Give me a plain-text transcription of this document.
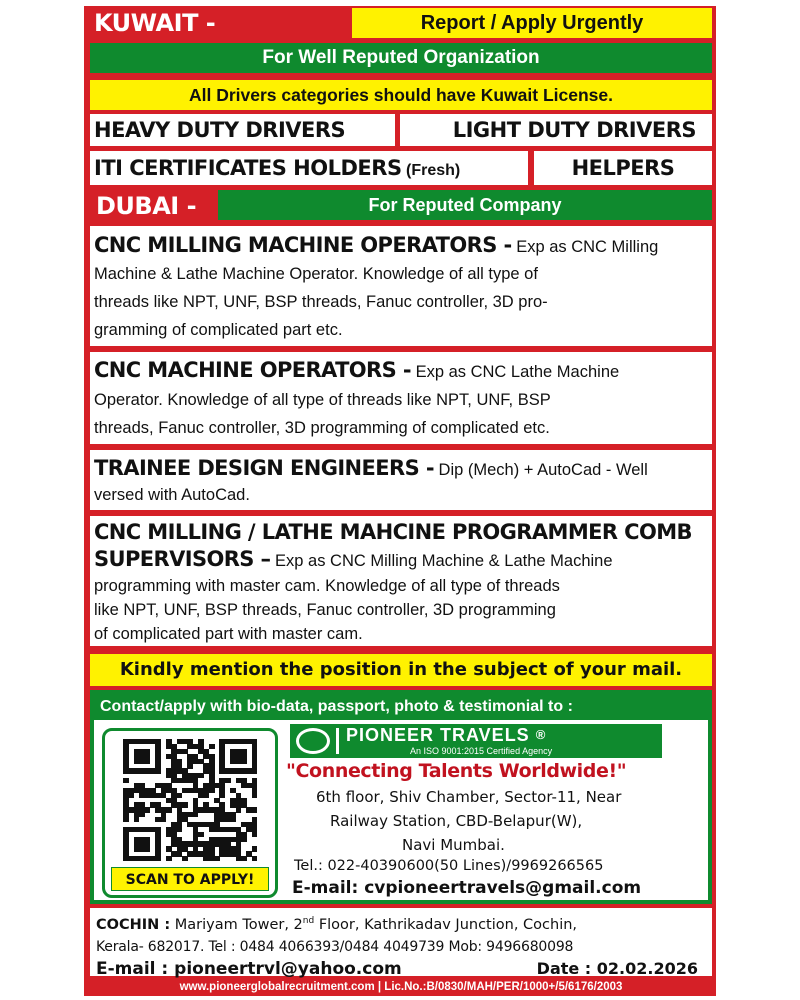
KUWAIT -	Report / Apply Urgently
For Well Reputed Organization
All Drivers categories should have Kuwait License.
HEAVY DUTY DRIVERS	LIGHT DUTY DRIVERS
ITI CERTIFICATES HOLDERS (Fresh)	HELPERS
DUBAI -	For Reputed Company
CNC MILLING MACHINE OPERATORS - Exp as CNC Milling
Machine & Lathe Machine Operator. Knowledge of all type of
threads like NPT, UNF, BSP threads, Fanuc controller, 3D pro-
gramming of complicated part etc.
CNC MACHINE OPERATORS - Exp as CNC Lathe Machine
Operator. Knowledge of all type of threads like NPT, UNF, BSP
threads, Fanuc controller, 3D programming of complicated etc.
TRAINEE DESIGN ENGINEERS - Dip (Mech) + AutoCad - Well
versed with AutoCad.
CNC MILLING / LATHE MAHCINE PROGRAMMER COMB
SUPERVISORS – Exp as CNC Milling Machine & Lathe Machine
programming with master cam. Knowledge of all type of threads
like NPT, UNF, BSP threads, Fanuc controller, 3D programming
of complicated part with master cam.
Kindly mention the position in the subject of your mail.
Contact/apply with bio-data, passport, photo & testimonial to :
SCAN TO APPLY!
PIONEER TRAVELS ®
An ISO 9001:2015 Certified Agency
"Connecting Talents Worldwide!"
6th floor, Shiv Chamber, Sector-11, Near
Railway Station, CBD-Belapur(W),
Navi Mumbai.
Tel.: 022-40390600(50 Lines)/9969266565
E-mail: cvpioneertravels@gmail.com
COCHIN : Mariyam Tower, 2nd Floor, Kathrikadav Junction, Cochin,
Kerala- 682017. Tel : 0484 4066393/0484 4049739 Mob: 9496680098
E-mail : pioneertrvl@yahoo.com	Date : 02.02.2026
www.pioneerglobalrecruitment.com | Lic.No.:B/0830/MAH/PER/1000+/5/6176/2003
